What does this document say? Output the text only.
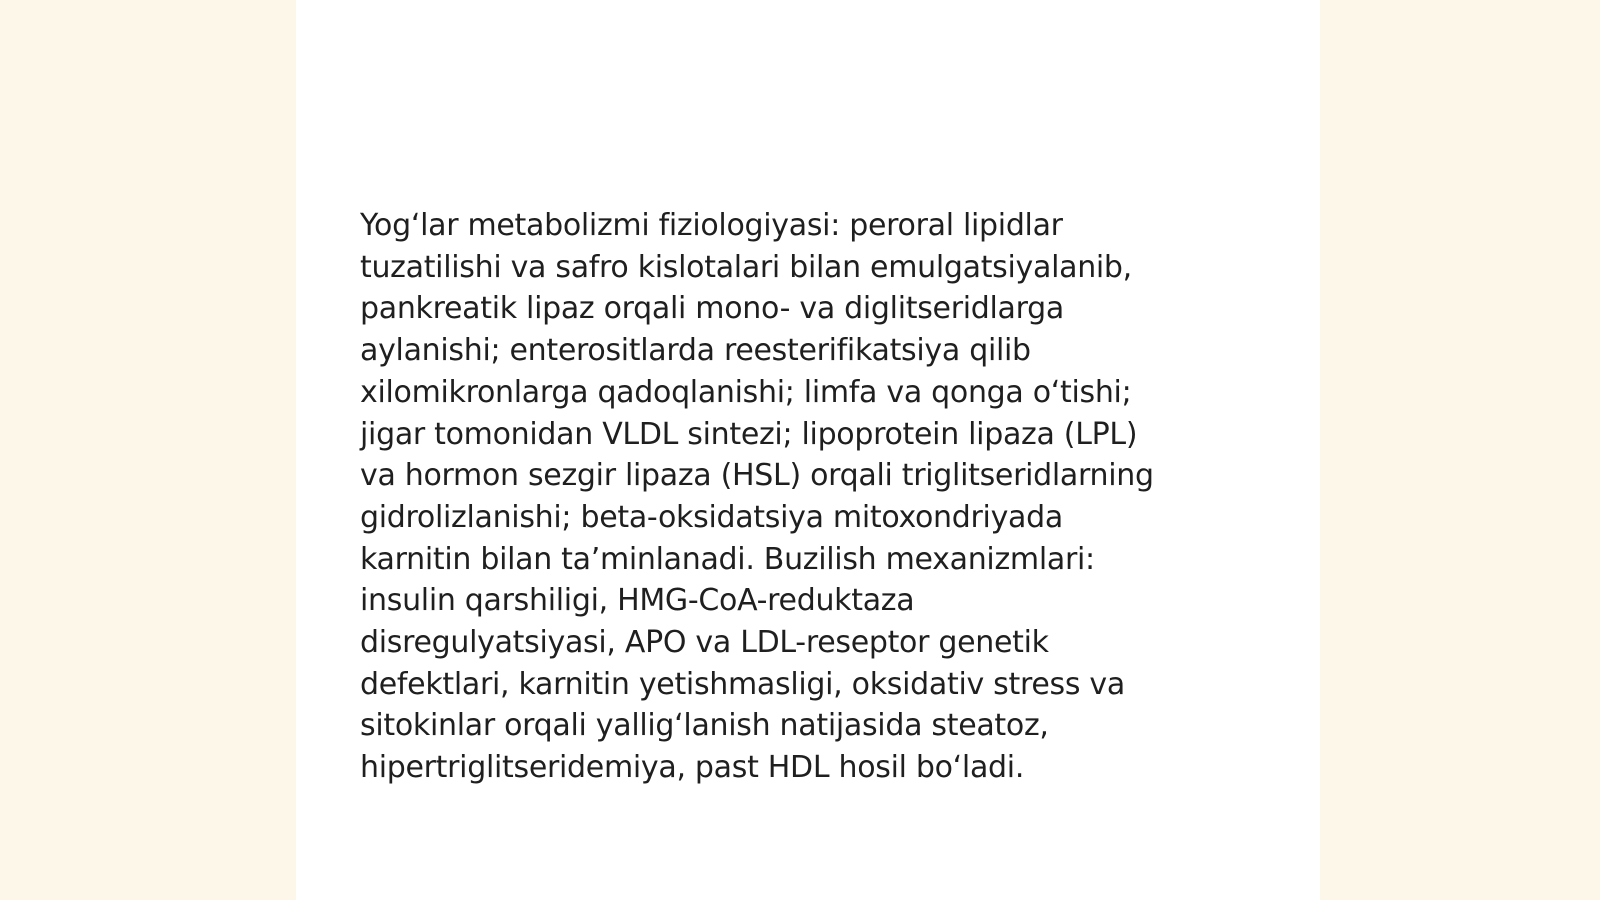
Yog‘lar metabolizmi fiziologiyasi: peroral lipidlar
tuzatilishi va safro kislotalari bilan emulgatsiyalanib,
pankreatik lipaz orqali mono- va diglitseridlarga
aylanishi; enterositlarda reesterifikatsiya qilib
xilomikronlarga qadoqlanishi; limfa va qonga o‘tishi;
jigar tomonidan VLDL sintezi; lipoprotein lipaza (LPL)
va hormon sezgir lipaza (HSL) orqali triglitseridlarning
gidrolizlanishi; beta-oksidatsiya mitoxondriyada
karnitin bilan ta’minlanadi. Buzilish mexanizmlari:
insulin qarshiligi, HMG-CoA-reduktaza
disregulyatsiyasi, APO va LDL-reseptor genetik
defektlari, karnitin yetishmasligi, oksidativ stress va
sitokinlar orqali yallig‘lanish natijasida steatoz,
hipertriglitseridemiya, past HDL hosil bo‘ladi.
